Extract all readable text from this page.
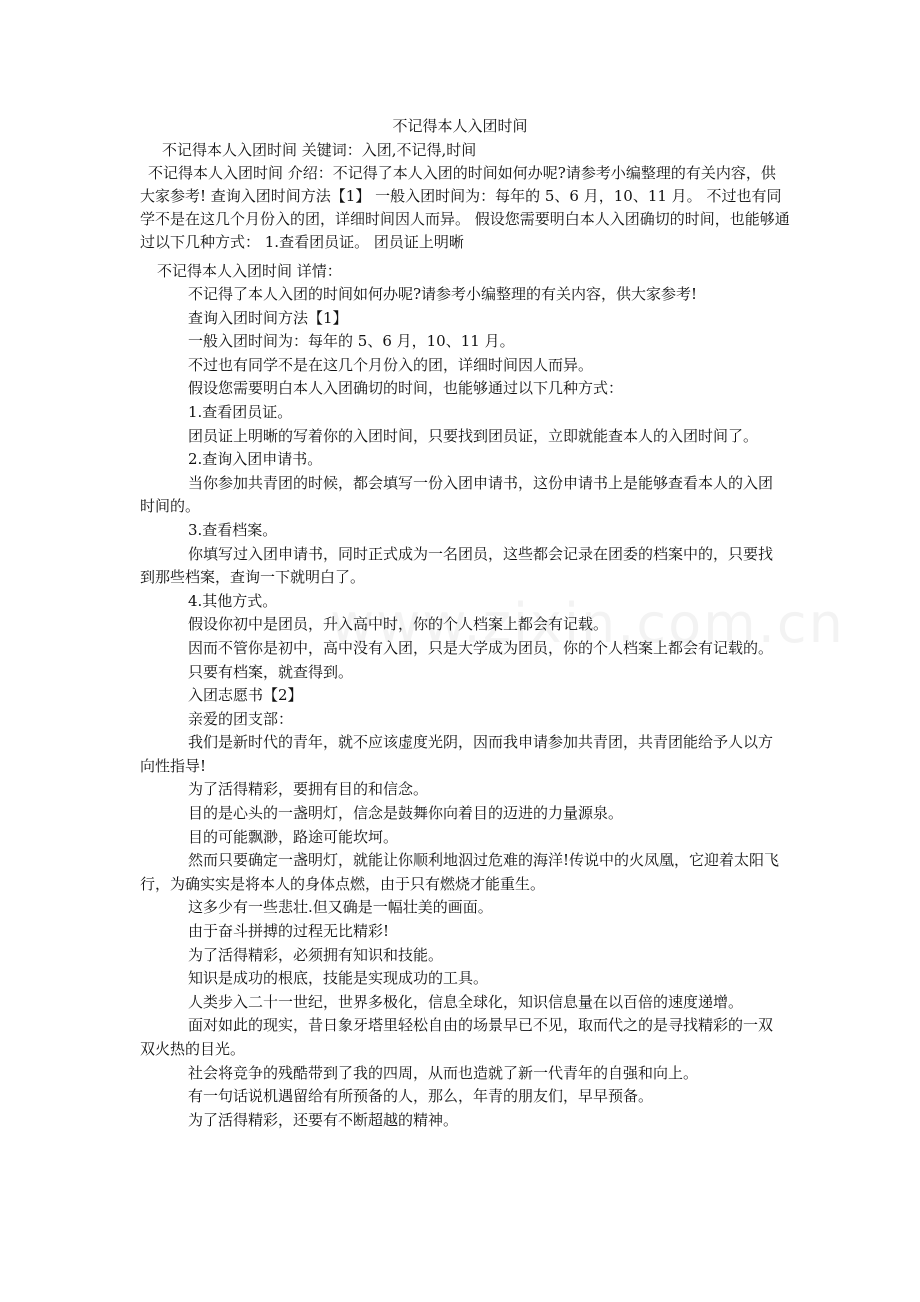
不记得本人入团时间
不记得本人入团时间 关键词：入团,不记得,时间
不记得本人入团时间 介绍：不记得了本人入团的时间如何办呢?请参考小编整理的有关内容，供大家参考! 查询入团时间方法【1】 一般入团时间为：每年的 5、6 月，10、11 月。 不过也有同学不是在这几个月份入的团，详细时间因人而异。 假设您需要明白本人入团确切的时间，也能够通过以下几种方式： 1.查看团员证。 团员证上明晰
不记得本人入团时间 详情：

不记得了本人入团的时间如何办呢?请参考小编整理的有关内容，供大家参考!

查询入团时间方法【1】

一般入团时间为：每年的 5、6 月，10、11 月。

不过也有同学不是在这几个月份入的团，详细时间因人而异。

假设您需要明白本人入团确切的时间，也能够通过以下几种方式：

1.查看团员证。

团员证上明晰的写着你的入团时间，只要找到团员证，立即就能查本人的入团时间了。

2.查询入团申请书。

当你参加共青团的时候，都会填写一份入团申请书，这份申请书上是能够查看本人的入团时间的。

3.查看档案。

你填写过入团申请书，同时正式成为一名团员，这些都会记录在团委的档案中的，只要找到那些档案，查询一下就明白了。

4.其他方式。

假设你初中是团员，升入高中时，你的个人档案上都会有记载。

因而不管你是初中，高中没有入团，只是大学成为团员，你的个人档案上都会有记载的。

只要有档案，就查得到。

入团志愿书【2】

亲爱的团支部：

我们是新时代的青年，就不应该虚度光阴，因而我申请参加共青团，共青团能给予人以方向性指导!

为了活得精彩，要拥有目的和信念。

目的是心头的一盏明灯，信念是鼓舞你向着目的迈进的力量源泉。

目的可能飘渺，路途可能坎坷。

然而只要确定一盏明灯，就能让你顺利地泅过危难的海洋!传说中的火凤凰，它迎着太阳飞行，为确实实是将本人的身体点燃，由于只有燃烧才能重生。

这多少有一些悲壮.但又确是一幅壮美的画面。

由于奋斗拼搏的过程无比精彩!

为了活得精彩，必须拥有知识和技能。

知识是成功的根底，技能是实现成功的工具。

人类步入二十一世纪，世界多极化，信息全球化，知识信息量在以百倍的速度递增。

面对如此的现实，昔日象牙塔里轻松自由的场景早已不见，取而代之的是寻找精彩的一双双火热的目光。

社会将竞争的残酷带到了我的四周，从而也造就了新一代青年的自强和向上。

有一句话说机遇留给有所预备的人，那么，年青的朋友们，早早预备。

为了活得精彩，还要有不断超越的精神。
